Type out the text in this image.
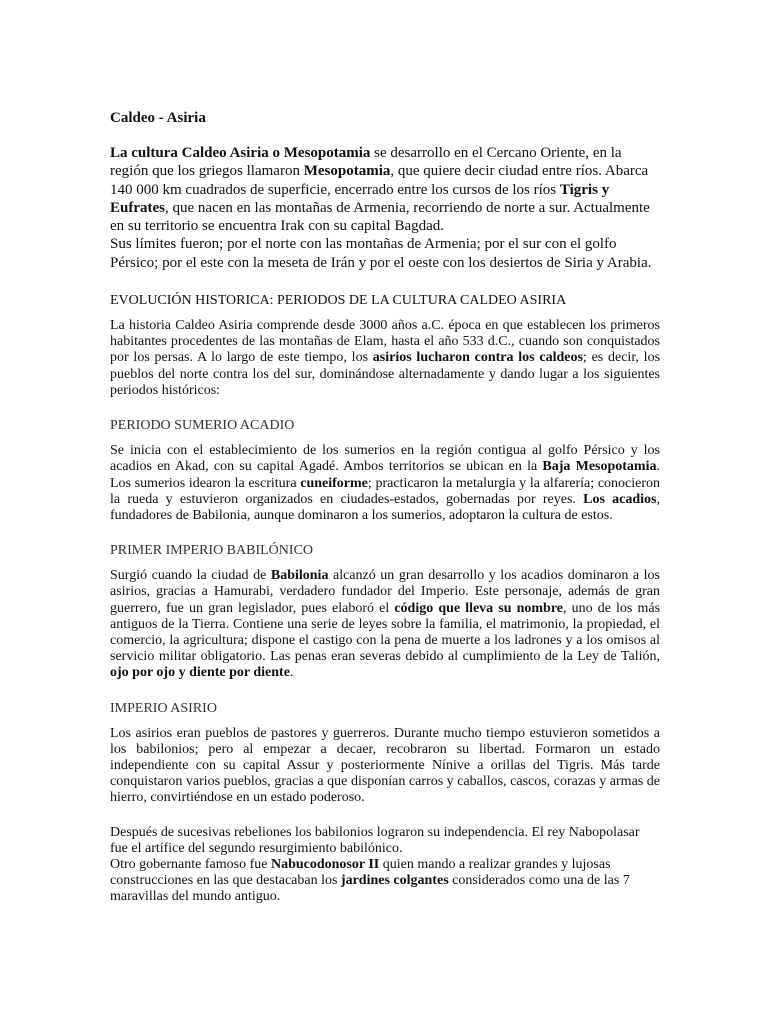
Caldeo - Asiria

La cultura Caldeo Asiria o Mesopotamia se desarrollo en el Cercano Oriente, en la región que los griegos llamaron Mesopotamia, que quiere decir ciudad entre ríos. Abarca 140 000 km cuadrados de superficie, encerrado entre los cursos de los ríos Tigris y Eufrates, que nacen en las montañas de Armenia, recorriendo de norte a sur. Actualmente en su territorio se encuentra Irak con su capital Bagdad.

Sus límites fueron; por el norte con las montañas de Armenia; por el sur con el golfo Pérsico; por el este con la meseta de Irán y por el oeste con los desiertos de Siria y Arabia.

EVOLUCIÓN HISTORICA: PERIODOS DE LA CULTURA CALDEO ASIRIA
La historia Caldeo Asiria comprende desde 3000 años a.C. época en que establecen los primeros habitantes procedentes de las montañas de Elam, hasta el año 533 d.C., cuando son conquistados por los persas. A lo largo de este tiempo, los asirios lucharon contra los caldeos; es decir, los pueblos del norte contra los del sur, dominándose alternadamente y dando lugar a los siguientes periodos históricos:
PERIODO SUMERIO ACADIO
Se inicia con el establecimiento de los sumerios en la región contigua al golfo Pérsico y los acadios en Akad, con su capital Agadé. Ambos territorios se ubican en la Baja Mesopotamia. Los sumerios idearon la escritura cuneiforme; practicaron la metalurgia y la alfarería; conocieron la rueda y estuvieron organizados en ciudades-estados, gobernadas por reyes. Los acadios, fundadores de Babilonia, aunque dominaron a los sumerios, adoptaron la cultura de estos.
PRIMER IMPERIO BABILÓNICO
Surgió cuando la ciudad de Babilonia alcanzó un gran desarrollo y los acadios dominaron a los asirios, gracias a Hamurabi, verdadero fundador del Imperio. Este personaje, además de gran guerrero, fue un gran legislador, pues elaboró el código que lleva su nombre, uno de los más antiguos de la Tierra. Contiene una serie de leyes sobre la familia, el matrimonio, la propiedad, el comercio, la agricultura; dispone el castigo con la pena de muerte a los ladrones y a los omisos al servicio militar obligatorio. Las penas eran severas debido al cumplimiento de la Ley de Talión, ojo por ojo y diente por diente.
IMPERIO ASIRIO
Los asirios eran pueblos de pastores y guerreros. Durante mucho tiempo estuvieron sometidos a los babilonios; pero al empezar a decaer, recobraron su libertad. Formaron un estado independiente con su capital Assur y posteriormente Nínive a orillas del Tigris. Más tarde conquistaron varios pueblos, gracias a que disponían carros y caballos, cascos, corazas y armas de hierro, convirtiéndose en un estado poderoso.
Después de sucesivas rebeliones los babilonios lograron su independencia. El rey Nabopolasar fue el artífice del segundo resurgimiento babilónico.
Otro gobernante famoso fue Nabucodonosor II quien mando a realizar grandes y lujosas construcciones en las que destacaban los jardines colgantes considerados como una de las 7 maravillas del mundo antiguo.
